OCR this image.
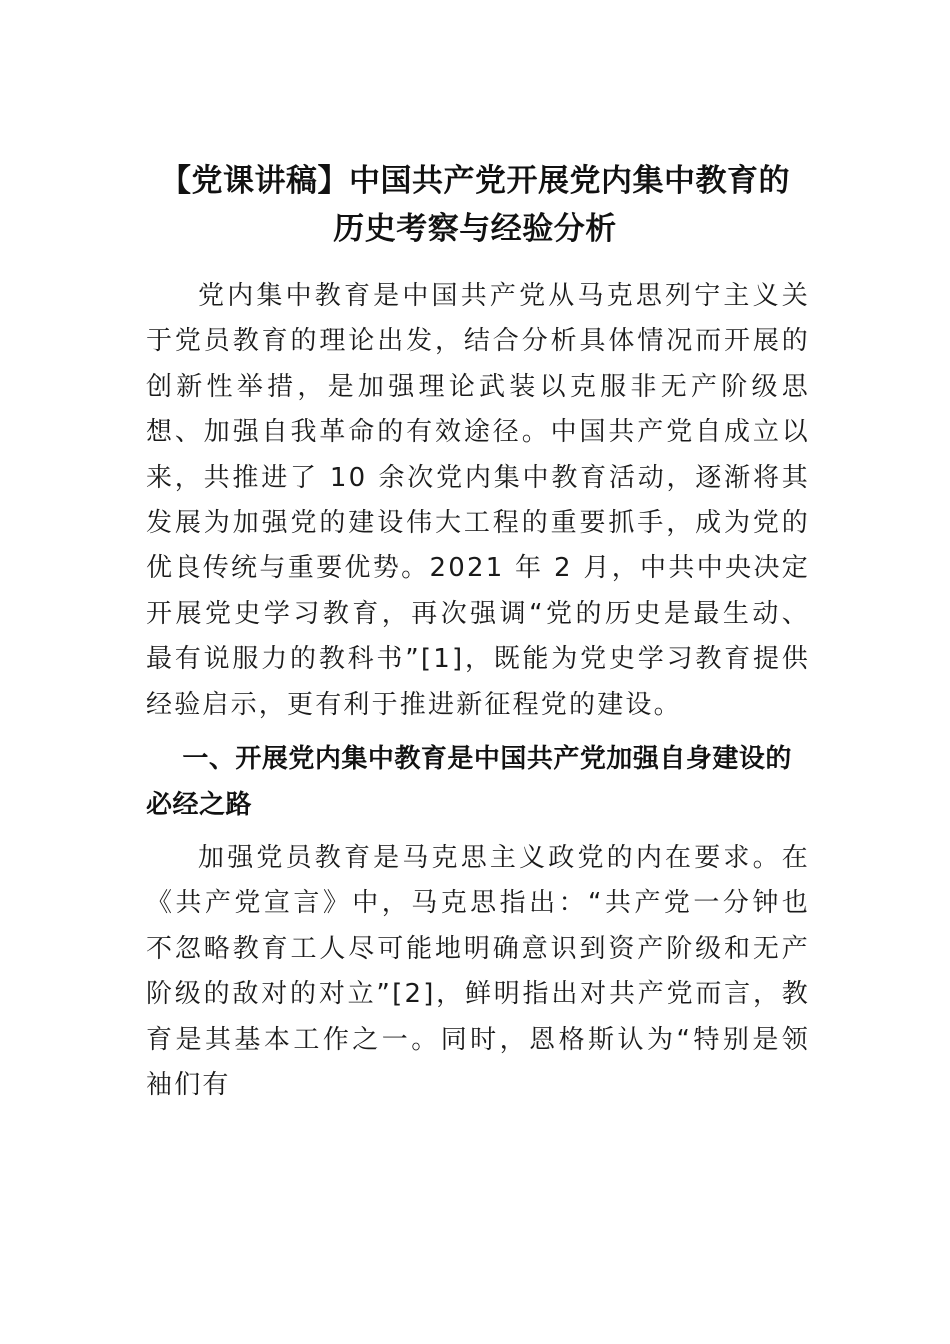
【党课讲稿】中国共产党开展党内集中教育的
历史考察与经验分析

党内集中教育是中国共产党从马克思列宁主义关于党员教育的理论出发，结合分析具体情况而开展的创新性举措，是加强理论武装以克服非无产阶级思想、加强自我革命的有效途径。中国共产党自成立以来，共推进了 10 余次党内集中教育活动，逐渐将其发展为加强党的建设伟大工程的重要抓手，成为党的优良传统与重要优势。2021 年 2 月，中共中央决定开展党史学习教育，再次强调“党的历史是最生动、最有说服力的教科书”[1]，既能为党史学习教育提供经验启示，更有利于推进新征程党的建设。

一、开展党内集中教育是中国共产党加强自身建设的必经之路

加强党员教育是马克思主义政党的内在要求。在《共产党宣言》中，马克思指出：“共产党一分钟也不忽略教育工人尽可能地明确意识到资产阶级和无产阶级的敌对的对立”[2]，鲜明指出对共产党而言，教育是其基本工作之一。同时，恩格斯认为“特别是领袖们有
